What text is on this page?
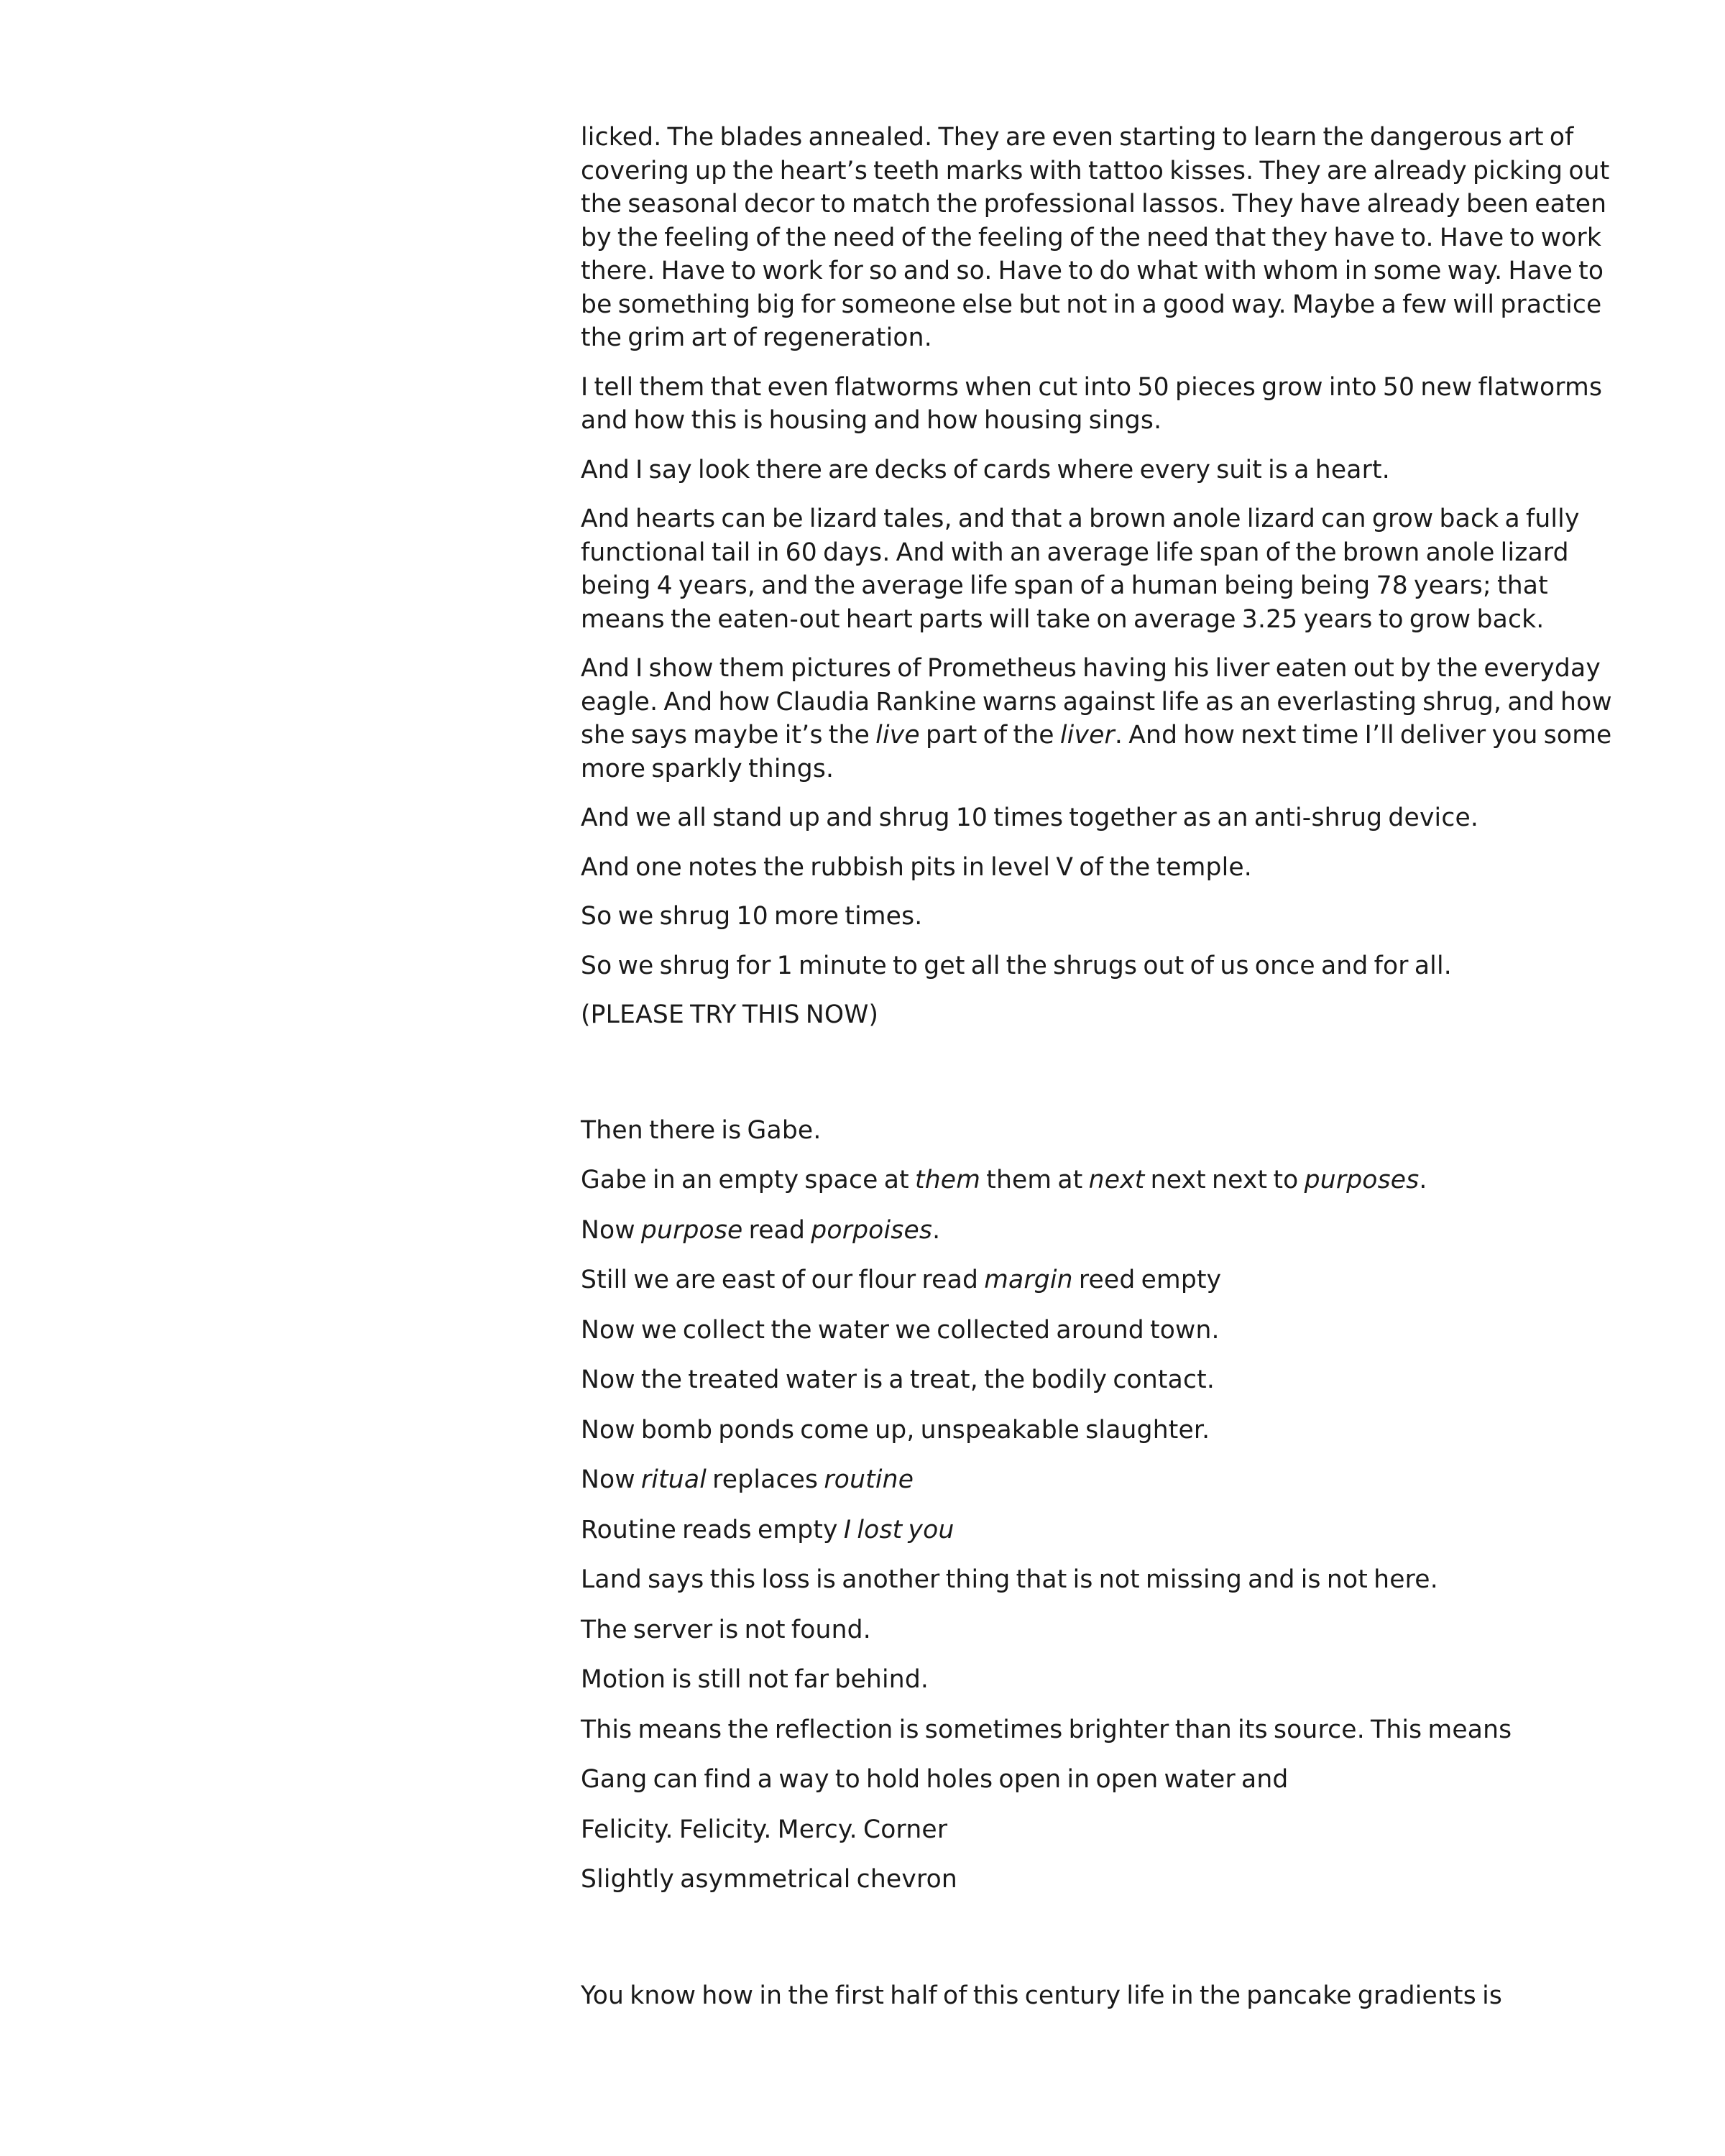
licked. The blades annealed. They are even starting to learn the dangerous art of covering up the heart’s teeth marks with tattoo kisses. They are already picking out the seasonal decor to match the professional lassos. They have already been eaten by the feeling of the need of the feeling of the need that they have to. Have to work there. Have to work for so and so. Have to do what with whom in some way. Have to be something big for someone else but not in a good way. Maybe a few will practice the grim art of regeneration.

I tell them that even flatworms when cut into 50 pieces grow into 50 new flatworms and how this is housing and how housing sings.

And I say look there are decks of cards where every suit is a heart.

And hearts can be lizard tales, and that a brown anole lizard can grow back a fully functional tail in 60 days. And with an average life span of the brown anole lizard being 4 years, and the average life span of a human being being 78 years; that means the eaten-out heart parts will take on average 3.25 years to grow back.

And I show them pictures of Prometheus having his liver eaten out by the everyday eagle. And how Claudia Rankine warns against life as an everlasting shrug, and how she says maybe it’s the live part of the liver. And how next time I’ll deliver you some more sparkly things.

And we all stand up and shrug 10 times together as an anti-shrug device.

And one notes the rubbish pits in level V of the temple.

So we shrug 10 more times.

So we shrug for 1 minute to get all the shrugs out of us once and for all.

(PLEASE TRY THIS NOW)

Then there is Gabe.

Gabe in an empty space at them them at next next next to purposes.

Now purpose read porpoises.

Still we are east of our flour read margin reed empty

Now we collect the water we collected around town.

Now the treated water is a treat, the bodily contact.

Now bomb ponds come up, unspeakable slaughter.

Now ritual replaces routine

Routine reads empty I lost you

Land says this loss is another thing that is not missing and is not here.

The server is not found.

Motion is still not far behind.

This means the reflection is sometimes brighter than its source. This means

Gang can find a way to hold holes open in open water and

Felicity. Felicity. Mercy. Corner

Slightly asymmetrical chevron

You know how in the first half of this century life in the pancake gradients is
